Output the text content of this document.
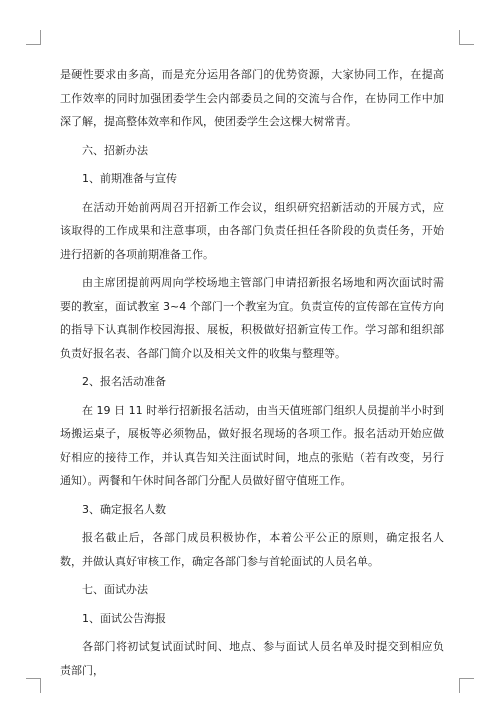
是硬性要求由多高，而是充分运用各部门的优势资源，大家协同工作，在提高工作效率的同时加强团委学生会内部委员之间的交流与合作，在协同工作中加深了解，提高整体效率和作风，使团委学生会这棵大树常青。

六、招新办法

1、前期准备与宣传

在活动开始前两周召开招新工作会议，组织研究招新活动的开展方式，应该取得的工作成果和注意事项，由各部门负责任担任各阶段的负责任务，开始进行招新的各项前期准备工作。

由主席团提前两周向学校场地主管部门申请招新报名场地和两次面试时需要的教室，面试教室 3~4 个部门一个教室为宜。负责宣传的宣传部在宣传方向的指导下认真制作校园海报、展板，积极做好招新宣传工作。学习部和组织部负责好报名表、各部门简介以及相关文件的收集与整理等。

2、报名活动准备

在 19 日 11 时举行招新报名活动，由当天值班部门组织人员提前半小时到场搬运桌子，展板等必须物品，做好报名现场的各项工作。报名活动开始应做好相应的接待工作，并认真告知关注面试时间，地点的张贴（若有改变，另行通知）。两餐和午休时间各部门分配人员做好留守值班工作。

3、确定报名人数

报名截止后，各部门成员积极协作，本着公平公正的原则，确定报名人数，并做认真好审核工作，确定各部门参与首轮面试的人员名单。

七、面试办法

1、面试公告海报

各部门将初试复试面试时间、地点、参与面试人员名单及时提交到相应负责部门，
